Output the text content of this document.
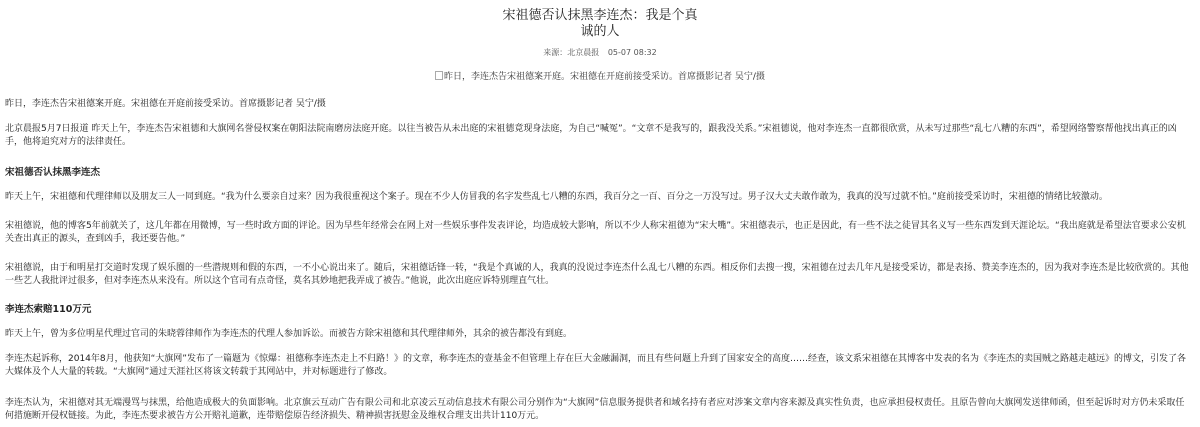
宋祖德否认抹黑李连杰：我是个真
诚的人
来源：北京晨报 05-07 08:32
昨日，李连杰告宋祖德案开庭。宋祖德在开庭前接受采访。首席摄影记者 吴宁/摄

昨日，李连杰告宋祖德案开庭。宋祖德在开庭前接受采访。首席摄影记者 吴宁/摄

北京晨报5月7日报道 昨天上午，李连杰告宋祖德和大旗网名誉侵权案在朝阳法院南磨房法庭开庭。以往当被告从未出庭的宋祖德竟现身法庭，为自己“喊冤”。“文章不是我写的，跟我没关系。”宋祖德说，他对李连杰一直都很欣赏，从未写过那些“乱七八糟的东西”，希望网络警察帮他找出真正的凶手，他将追究对方的法律责任。

宋祖德否认抹黑李连杰

昨天上午，宋祖德和代理律师以及朋友三人一同到庭。“我为什么要亲自过来？因为我很重视这个案子。现在不少人仿冒我的名字发些乱七八糟的东西，我百分之一百、百分之一万没写过。男子汉大丈夫敢作敢为，我真的没写过就不怕。”庭前接受采访时，宋祖德的情绪比较激动。

宋祖德说，他的博客5年前就关了，这几年都在用微博，写一些时政方面的评论。因为早些年经常会在网上对一些娱乐事件发表评论，均造成较大影响，所以不少人称宋祖德为“宋大嘴”。宋祖德表示，也正是因此，有一些不法之徒冒其名义写一些东西发到天涯论坛。“我出庭就是希望法官要求公安机关查出真正的源头，查到凶手，我还要告他。”

宋祖德说，由于和明星打交道时发现了娱乐圈的一些潜规则和假的东西，一不小心说出来了。随后，宋祖德话锋一转，“我是个真诚的人，我真的没说过李连杰什么乱七八糟的东西。相反你们去搜一搜，宋祖德在过去几年凡是接受采访，都是表扬、赞美李连杰的，因为我对李连杰是比较欣赏的。其他一些艺人我批评过很多，但对李连杰从来没有。所以这个官司有点奇怪，莫名其妙地把我弄成了被告。”他说，此次出庭应诉特别理直气壮。

李连杰索赔110万元

昨天上午，曾为多位明星代理过官司的朱晓蓉律师作为李连杰的代理人参加诉讼。而被告方除宋祖德和其代理律师外，其余的被告都没有到庭。

李连杰起诉称，2014年8月，他获知“大旗网”发布了一篇题为《惊爆：祖德称李连杰走上不归路！》的文章，称李连杰的壹基金不但管理上存在巨大金融漏洞，而且有些问题上升到了国家安全的高度……经查，该文系宋祖德在其博客中发表的名为《李连杰的卖国贼之路越走越远》的博文，引发了各大媒体及个人大量的转载。“大旗网”通过天涯社区将该文转载于其网站中，并对标题进行了修改。

李连杰认为，宋祖德对其无端漫骂与抹黑，给他造成极大的负面影响。北京旗云互动广告有限公司和北京凌云互动信息技术有限公司分别作为“大旗网”信息服务提供者和域名持有者应对涉案文章内容来源及真实性负责，也应承担侵权责任。且原告曾向大旗网发送律师函，但至起诉时对方仍未采取任何措施断开侵权链接。为此，李连杰要求被告方公开赔礼道歉，连带赔偿原告经济损失、精神损害抚慰金及维权合理支出共计110万元。
